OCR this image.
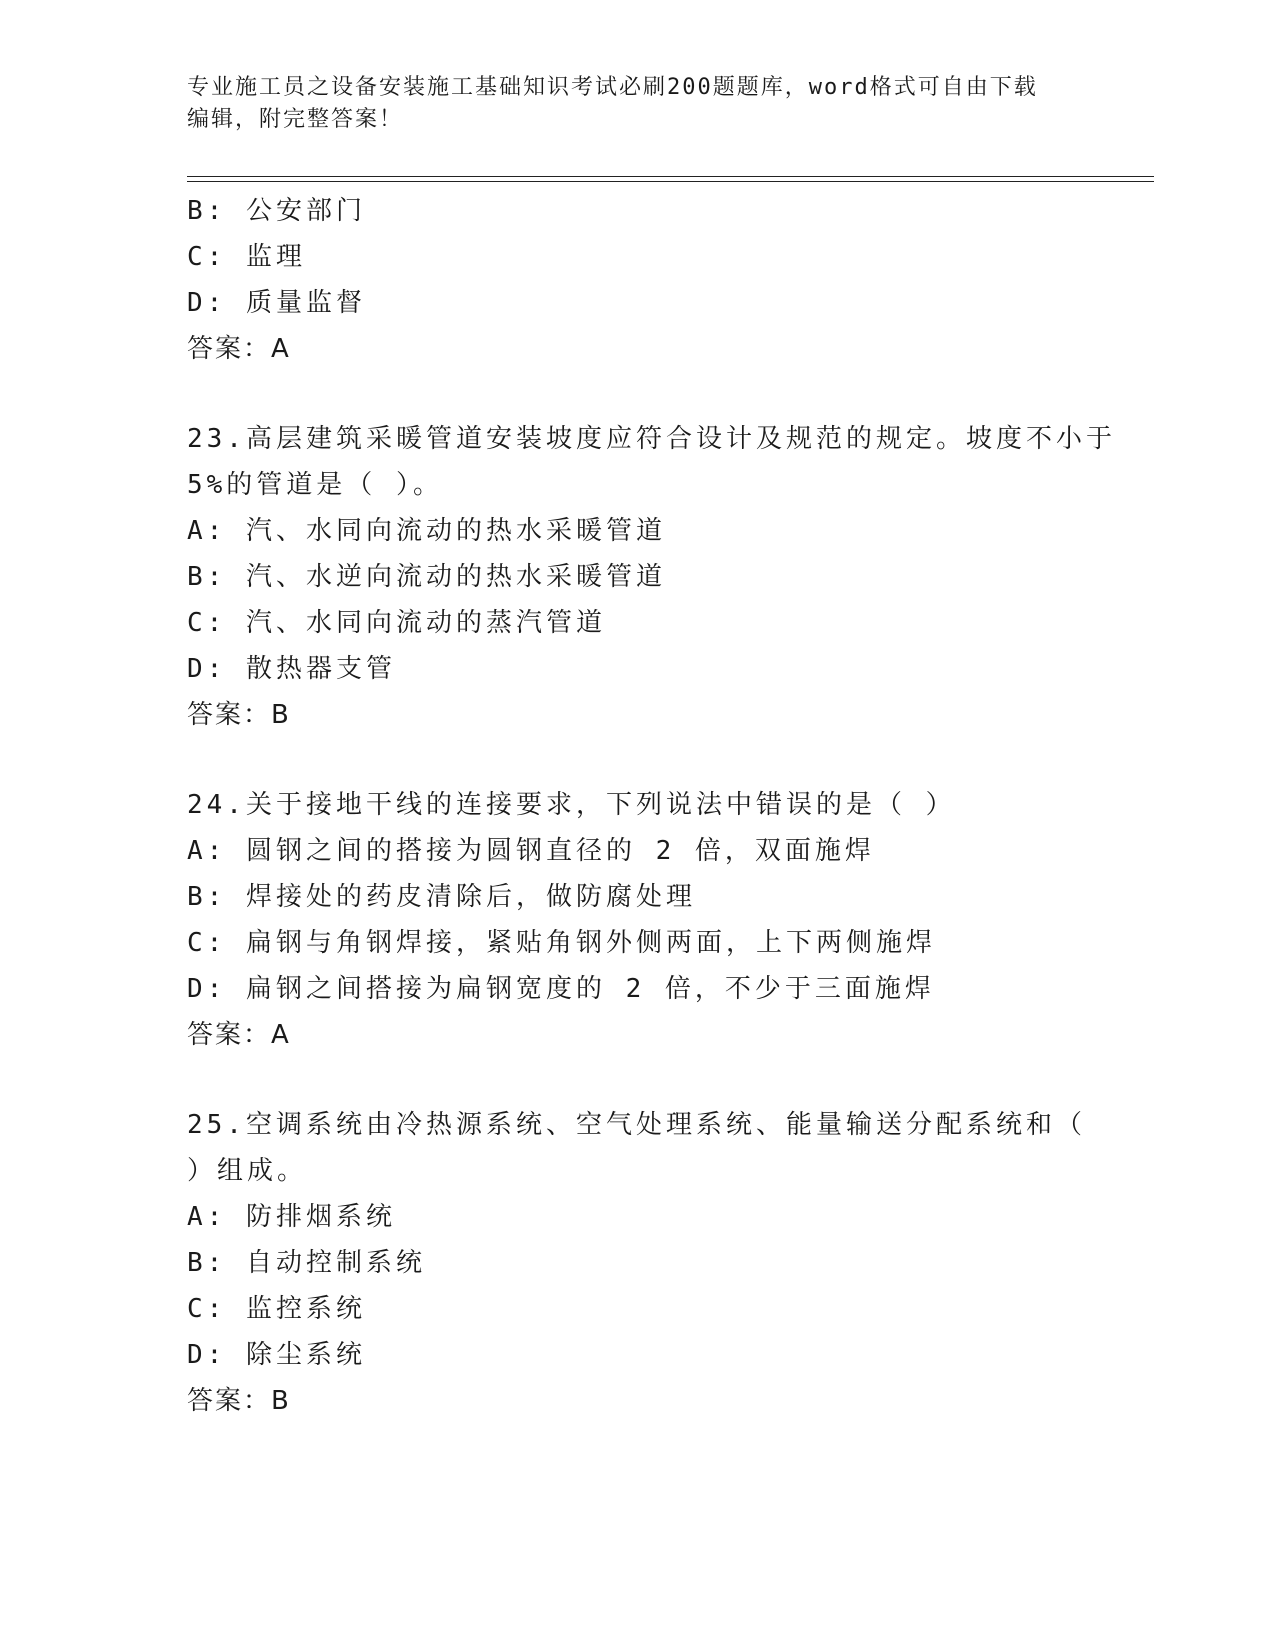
专业施工员之设备安装施工基础知识考试必刷200题题库，word格式可自由下载
编辑，附完整答案！
B: 公安部门
C: 监理
D: 质量监督
答案：A
23.高层建筑采暖管道安装坡度应符合设计及规范的规定。坡度不小于
5%的管道是（ ）。
A: 汽、水同向流动的热水采暖管道
B: 汽、水逆向流动的热水采暖管道
C: 汽、水同向流动的蒸汽管道
D: 散热器支管
答案：B
24.关于接地干线的连接要求，下列说法中错误的是（ ）
A: 圆钢之间的搭接为圆钢直径的 2 倍，双面施焊
B: 焊接处的药皮清除后，做防腐处理
C: 扁钢与角钢焊接，紧贴角钢外侧两面，上下两侧施焊
D: 扁钢之间搭接为扁钢宽度的 2 倍，不少于三面施焊
答案：A
25.空调系统由冷热源系统、空气处理系统、能量输送分配系统和（
）组成。
A: 防排烟系统
B: 自动控制系统
C: 监控系统
D: 除尘系统
答案：B
